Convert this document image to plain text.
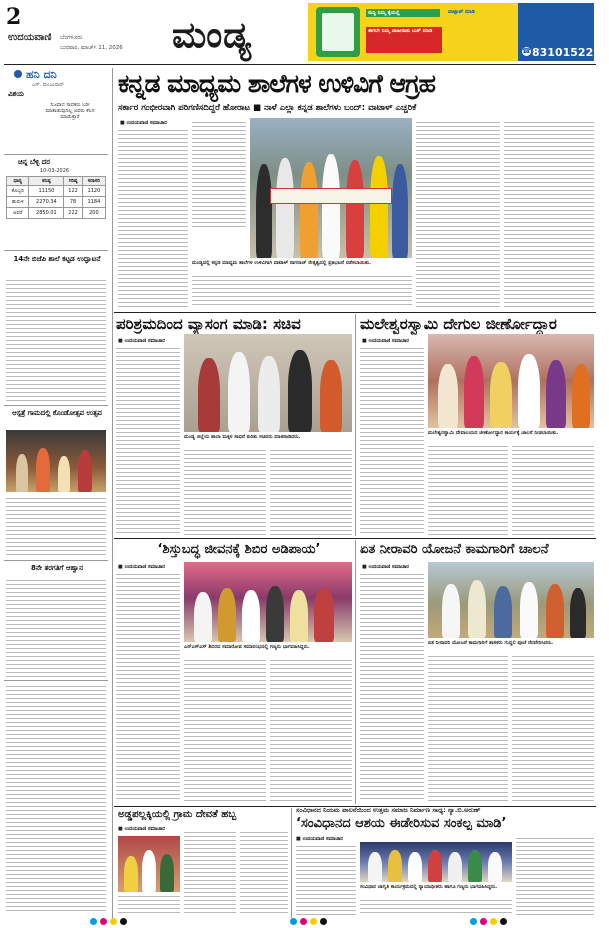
2
ಉದಯವಾಣಿ ಬೆಂಗಳೂರು
ಬುಧವಾರ, ಮಾರ್ಚ್ 11, 2026 ಮಂಡ್ಯ
ಸುದ್ದಿ ನಿಮ್ಮ ಕೈಯಲ್ಲಿ
ಈಗಲೇ ನಿಮ್ಮ ಜಾಹೀರಾತು ಬುಕ್ ಮಾಡಿ
ವಾಟ್ಸಾಪ್ ಮಾಡಿ
☎ 8310152292
ಹನಿ ದನಿ
ಎಸ್. ಮಂಜುನಾಥ್
ವಿಶಯ
ನಿಜವಾದ ಸಾಧಕರು ಬರೀ ಮಾತಾಡುವುದಿಲ್ಲ ಅವರು ಕೆಲಸ ಮಾಡುತ್ತಾರೆ
ಚಿನ್ನ ಬೆಳ್ಳಿ ದರ
10-03-2026
ಧಾನ್ಯ	ಕನಿಷ್ಠ	ಗರಿಷ್ಠ	ಸರಾಸರಿ
ಕೊಬ್ಬರಿ	11150	122	1120
ಹುರುಳಿ	2270.34	78	1184
ಅವರೆ	2850.01	222	200
14ನೇ ಬಿಜೆಪಿ ಶಾಲೆ ಕಟ್ಟಡ ಉದ್ಘಾಟನೆ
ಆಸ್ಪತ್ರೆ ಗಾಮದಲ್ಲಿ ಕೊಂಡೋತ್ಸವ ಉತ್ಸವ
8ನೇ ತರಗತಿಗೆ ಆಹ್ವಾನ
ಕನ್ನಡ ಮಾಧ್ಯಮ ಶಾಲೆಗಳ ಉಳಿವಿಗೆ ಆಗ್ರಹ
ಸರ್ಕಾರ ಗಂಭೀರವಾಗಿ ಪರಿಗಣಿಸದಿದ್ದರೆ ಹೋರಾಟ ■ ನಾಳೆ ಎಲ್ಲಾ ಕನ್ನಡ ಶಾಲೆಗಳು ಬಂದ್: ವಾಟಾಳ್ ಎಚ್ಚರಿಕೆ
■ ಉದಯವಾಣಿ ಸಮಾಚಾರ
ಮಂಡ್ಯದಲ್ಲಿ ಕನ್ನಡ ಮಾಧ್ಯಮ ಶಾಲೆಗಳ ಉಳಿವಿಗಾಗಿ ವಾಟಾಳ್ ನಾಗರಾಜ್ ನೇತೃತ್ವದಲ್ಲಿ ಪ್ರತಿಭಟನೆ ನಡೆಸಲಾಯಿತು.
ಪರಿಶ್ರಮದಿಂದ ವ್ಯಾಸಂಗ ಮಾಡಿ: ಸಚಿವ
■ ಉದಯವಾಣಿ ಸಮಾಚಾರ
ಮಂಡ್ಯ ಜಿಲ್ಲೆಯ ಶಾಲಾ ಮಕ್ಕಳ ಸಾಧನೆ ಕುರಿತು ಸಚಿವರು ಮಾತನಾಡಿದರು.
ಮಲೇಶ್ವರಸ್ವಾಮಿ ದೇಗುಲ ಜೀರ್ಣೋದ್ಧಾರ
■ ಉದಯವಾಣಿ ಸಮಾಚಾರ
ಮಲೇಶ್ವರಸ್ವಾಮಿ ದೇವಾಲಯದ ಜೀರ್ಣೋದ್ಧಾರ ಕಾರ್ಯಕ್ಕೆ ಚಾಲನೆ ನೀಡಲಾಯಿತು.
‘ಶಿಸ್ತುಬದ್ಧ ಜೀವನಕ್ಕೆ ಶಿಬಿರ ಅಡಿಪಾಯ’
■ ಉದಯವಾಣಿ ಸಮಾಚಾರ
ಎನ್ಎಸ್ಎಸ್ ಶಿಬಿರದ ಸಮಾರೋಪ ಸಮಾರಂಭದಲ್ಲಿ ಗಣ್ಯರು ಭಾಗವಹಿಸಿದ್ದರು.
ಏತ ನೀರಾವರಿ ಯೋಜನೆ ಕಾಮಗಾರಿಗೆ ಚಾಲನೆ
■ ಉದಯವಾಣಿ ಸಮಾಚಾರ
ಏತ ನೀರಾವರಿ ಯೋಜನೆ ಕಾಮಗಾರಿಗೆ ಶಾಸಕರು ಗುದ್ದಲಿ ಪೂಜೆ ನೆರವೇರಿಸಿದರು.
ಅಡ್ಡಪಲ್ಲಕ್ಕಿಯಲ್ಲಿ ಗ್ರಾಮ ದೇವತೆ ಹಬ್ಬ
■ ಉದಯವಾಣಿ ಸಮಾಚಾರ
ಸಂವಿಧಾನದ ನಿಯಮ ಪಾಲನೆಯಿಂದ ಉತ್ತಮ ಸಮಾಜ ನಿರ್ಮಾಣ ಸಾಧ್ಯ: ನ್ಯಾ.ಬಿ.ಅರುಣ್
‘ಸಂವಿಧಾನದ ಆಶಯ ಈಡೇರಿಸುವ ಸಂಕಲ್ಪ ಮಾಡಿ’
■ ಉದಯವಾಣಿ ಸಮಾಚಾರ
ಸಂವಿಧಾನ ಜಾಗೃತಿ ಕಾರ್ಯಕ್ರಮದಲ್ಲಿ ನ್ಯಾಯಾಧೀಶರು ಹಾಗೂ ಗಣ್ಯರು ಭಾಗವಹಿಸಿದ್ದರು.
